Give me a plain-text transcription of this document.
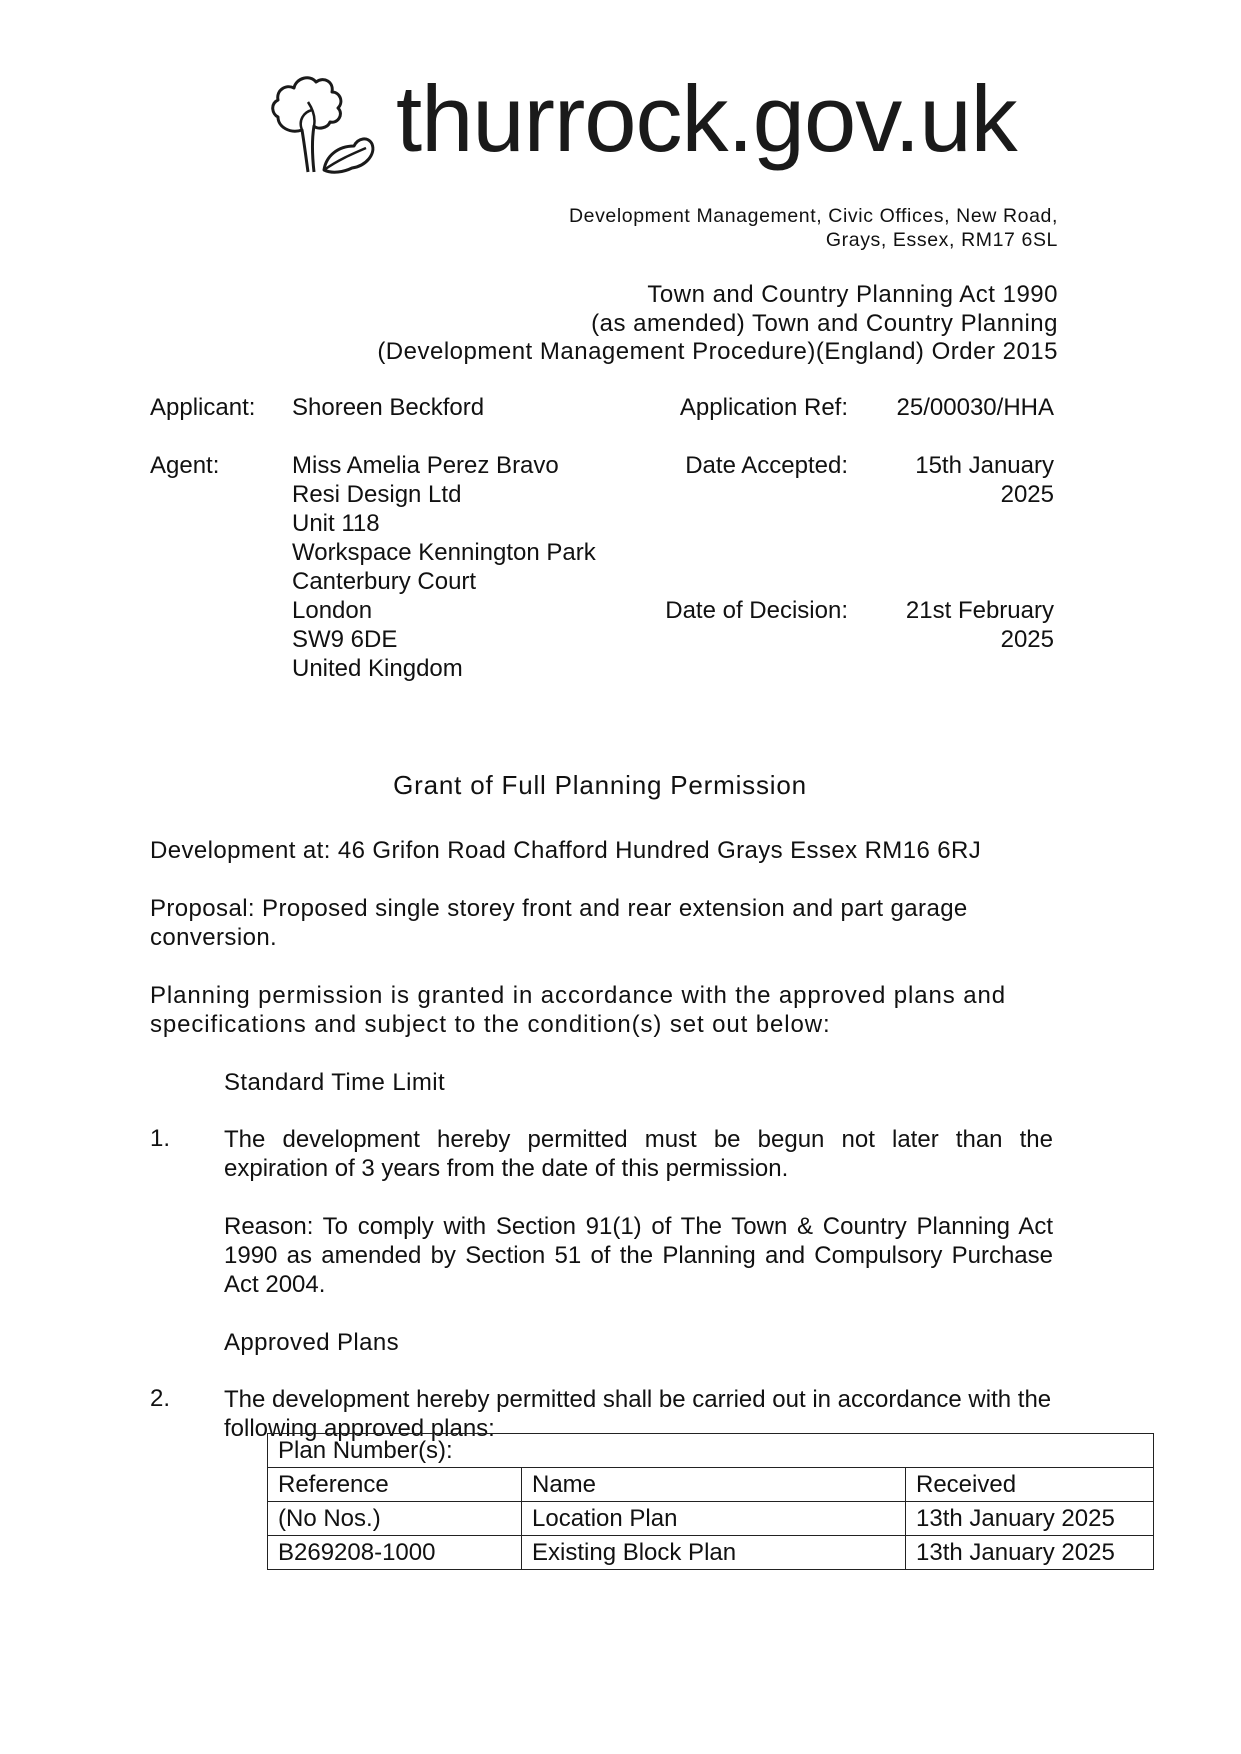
thurrock.gov.uk
Development Management, Civic Offices, New Road,
Grays, Essex, RM17 6SL
Town and Country Planning Act 1990
(as amended) Town and Country Planning
(Development Management Procedure)(England) Order 2015
Applicant: Shoreen Beckford
Agent:	Miss Amelia Perez Bravo
Resi Design Ltd
Unit 118
Workspace Kennington Park
Canterbury Court
London
SW9 6DE
United Kingdom
Application Ref: 25/00030/HHA
Date Accepted:	15th January
2025
Date of Decision: 21st February
2025
Grant of Full Planning Permission
Development at: 46 Grifon Road Chafford Hundred Grays Essex RM16 6RJ
Proposal: Proposed single storey front and rear extension and part garage conversion.
Planning permission is granted in accordance with the approved plans and specifications and subject to the condition(s) set out below:
Standard Time Limit
1. The development hereby permitted must be begun not later than the expiration of 3 years from the date of this permission.
Reason: To comply with Section 91(1) of The Town & Country Planning Act 1990 as amended by Section 51 of the Planning and Compulsory Purchase Act 2004.
Approved Plans
2. The development hereby permitted shall be carried out in accordance with the following approved plans:
Plan Number(s):		
Reference	Name	Received
(No Nos.)	Location Plan	13th January 2025
B269208-1000	Existing Block Plan	13th January 2025
